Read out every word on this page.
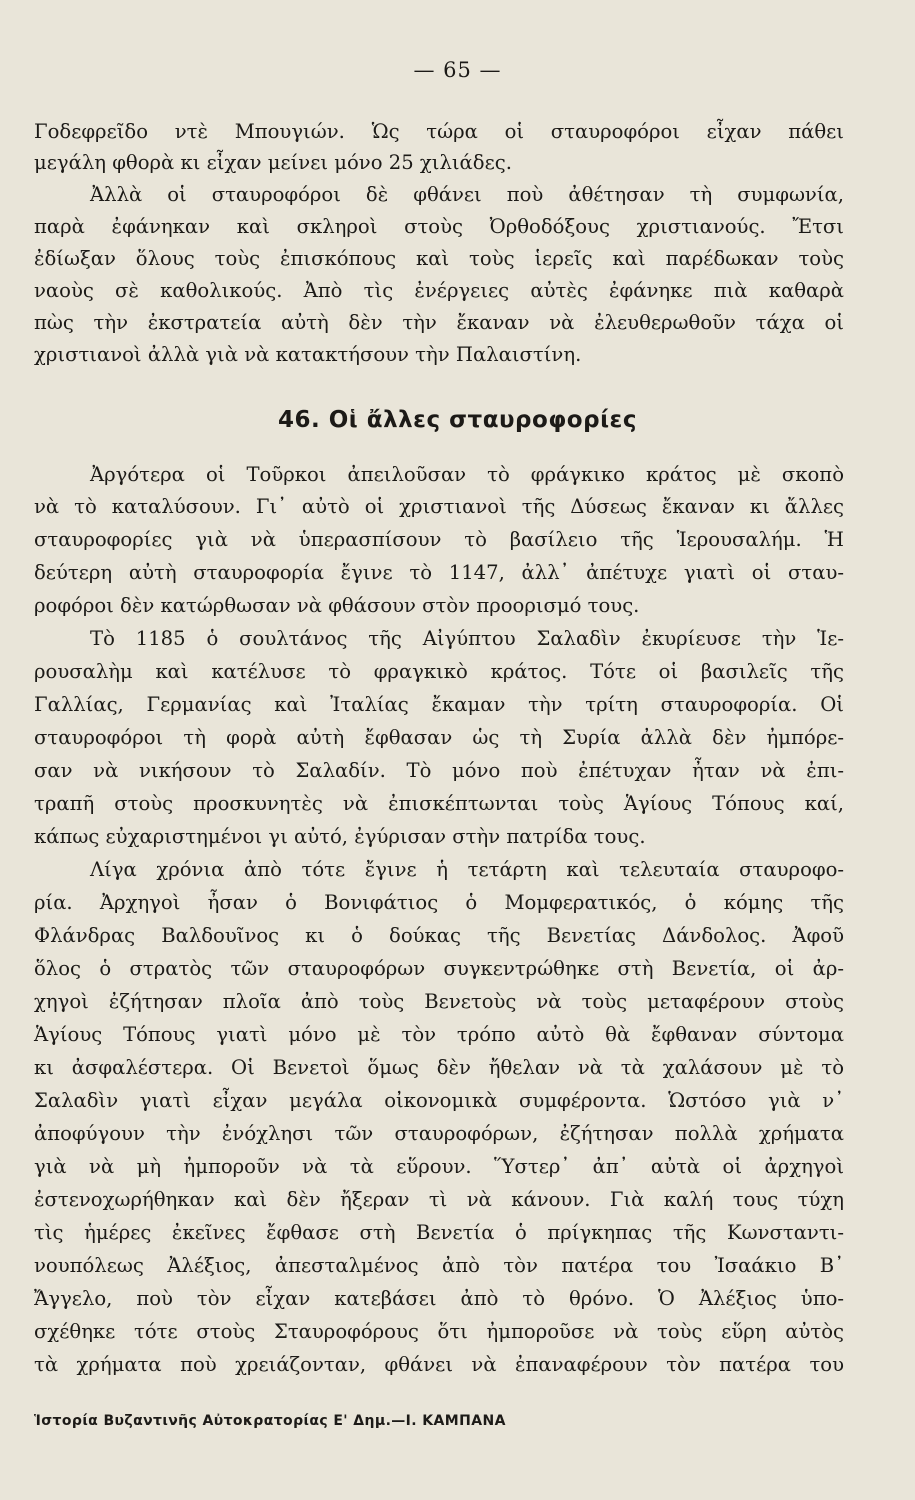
— 65 —
Γοδεφρεῖδο ντὲ Μπουγιών. Ὡς τώρα οἱ σταυροφόροι εἶχαν πάθει
μεγάλη φθορὰ κι εἶχαν μείνει μόνο 25 χιλιάδες.
Ἀλλὰ οἱ σταυροφόροι δὲ φθάνει ποὺ ἀθέτησαν τὴ συμφωνία,
παρὰ ἐφάνηκαν καὶ σκληροὶ στοὺς Ὀρθοδόξους χριστιανούς. Ἔτσι
ἐδίωξαν ὅλους τοὺς ἐπισκόπους καὶ τοὺς ἱερεῖς καὶ παρέδωκαν τοὺς
ναοὺς σὲ καθολικούς. Ἀπὸ τὶς ἐνέργειες αὐτὲς ἐφάνηκε πιὰ καθαρὰ
πὼς τὴν ἐκστρατεία αὐτὴ δὲν τὴν ἔκαναν νὰ ἐλευθερωθοῦν τάχα οἱ
χριστιανοὶ ἀλλὰ γιὰ νὰ κατακτήσουν τὴν Παλαιστίνη.
46. Οἱ ἄλλες σταυροφορίες
Ἀργότερα οἱ Τοῦρκοι ἀπειλοῦσαν τὸ φράγκικο κράτος μὲ σκοπὸ
νὰ τὸ καταλύσουν. Γι᾽ αὐτὸ οἱ χριστιανοὶ τῆς Δύσεως ἔκαναν κι ἄλλες
σταυροφορίες γιὰ νὰ ὑπερασπίσουν τὸ βασίλειο τῆς Ἱερουσαλήμ. Ἡ
δεύτερη αὐτὴ σταυροφορία ἔγινε τὸ 1147, ἀλλ᾽ ἀπέτυχε γιατὶ οἱ σταυ-
ροφόροι δὲν κατώρθωσαν νὰ φθάσουν στὸν προορισμό τους.
Τὸ 1185 ὁ σουλτάνος τῆς Αἰγύπτου Σαλαδὶν ἐκυρίευσε τὴν Ἱε-
ρουσαλὴμ καὶ κατέλυσε τὸ φραγκικὸ κράτος. Τότε οἱ βασιλεῖς τῆς
Γαλλίας, Γερμανίας καὶ Ἰταλίας ἔκαμαν τὴν τρίτη σταυροφορία. Οἱ
σταυροφόροι τὴ φορὰ αὐτὴ ἔφθασαν ὡς τὴ Συρία ἀλλὰ δὲν ἠμπόρε-
σαν νὰ νικήσουν τὸ Σαλαδίν. Τὸ μόνο ποὺ ἐπέτυχαν ἦταν νὰ ἐπι-
τραπῆ στοὺς προσκυνητὲς νὰ ἐπισκέπτωνται τοὺς Ἁγίους Τόπους καί,
κάπως εὐχαριστημένοι γι αὐτό, ἐγύρισαν στὴν πατρίδα τους.
Λίγα χρόνια ἀπὸ τότε ἔγινε ἡ τετάρτη καὶ τελευταία σταυροφο-
ρία. Ἀρχηγοὶ ἦσαν ὁ Βονιφάτιος ὁ Μομφερατικός, ὁ κόμης τῆς
Φλάνδρας Βαλδουῖνος κι ὁ δούκας τῆς Βενετίας Δάνδολος. Ἀφοῦ
ὅλος ὁ στρατὸς τῶν σταυροφόρων συγκεντρώθηκε στὴ Βενετία, οἱ ἀρ-
χηγοὶ ἐζήτησαν πλοῖα ἀπὸ τοὺς Βενετοὺς νὰ τοὺς μεταφέρουν στοὺς
Ἁγίους Τόπους γιατὶ μόνο μὲ τὸν τρόπο αὐτὸ θὰ ἔφθαναν σύντομα
κι ἀσφαλέστερα. Οἱ Βενετοὶ ὅμως δὲν ἤθελαν νὰ τὰ χαλάσουν μὲ τὸ
Σαλαδὶν γιατὶ εἶχαν μεγάλα οἰκονομικὰ συμφέροντα. Ὡστόσο γιὰ ν᾽
ἀποφύγουν τὴν ἐνόχλησι τῶν σταυροφόρων, ἐζήτησαν πολλὰ χρήματα
γιὰ νὰ μὴ ἠμποροῦν νὰ τὰ εὕρουν. Ὕστερ᾽ ἀπ᾽ αὐτὰ οἱ ἀρχηγοὶ
ἐστενοχωρήθηκαν καὶ δὲν ἤξεραν τὶ νὰ κάνουν. Γιὰ καλή τους τύχη
τὶς ἡμέρες ἐκεῖνες ἔφθασε στὴ Βενετία ὁ πρίγκηπας τῆς Κωνσταντι-
νουπόλεως Ἀλέξιος, ἀπεσταλμένος ἀπὸ τὸν πατέρα του Ἰσαάκιο Β᾽
Ἄγγελο, ποὺ τὸν εἶχαν κατεβάσει ἀπὸ τὸ θρόνο. Ὁ Ἀλέξιος ὑπο-
σχέθηκε τότε στοὺς Σταυροφόρους ὅτι ἠμποροῦσε νὰ τοὺς εὕρη αὐτὸς
τὰ χρήματα ποὺ χρειάζονταν, φθάνει νὰ ἐπαναφέρουν τὸν πατέρα του
Ἱστορία Βυζαντινῆς Αὐτοκρατορίας Ε' Δημ.—Ι. ΚΑΜΠΑΝΑ
